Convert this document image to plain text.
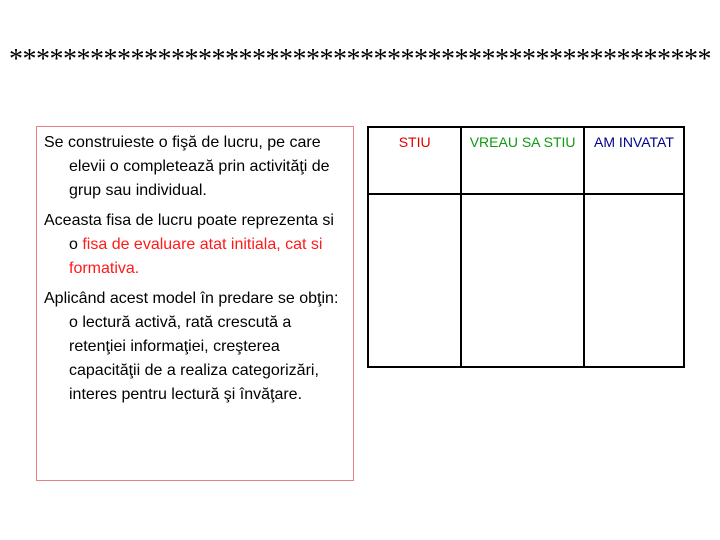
****************************************************

Se construieste o fişă de lucru, pe care elevii o completează prin activităţi de grup sau individual.

Aceasta fisa de lucru poate reprezenta si o fisa de evaluare atat initiala, cat si formativa.

Aplicând acest model în predare se obţin: o lectură activă, rată crescută a retenţiei informaţiei, creşterea capacităţii de a realiza categorizări, interes pentru lectură şi învăţare.

STIU	VREAU SA STIU	AM INVATAT
